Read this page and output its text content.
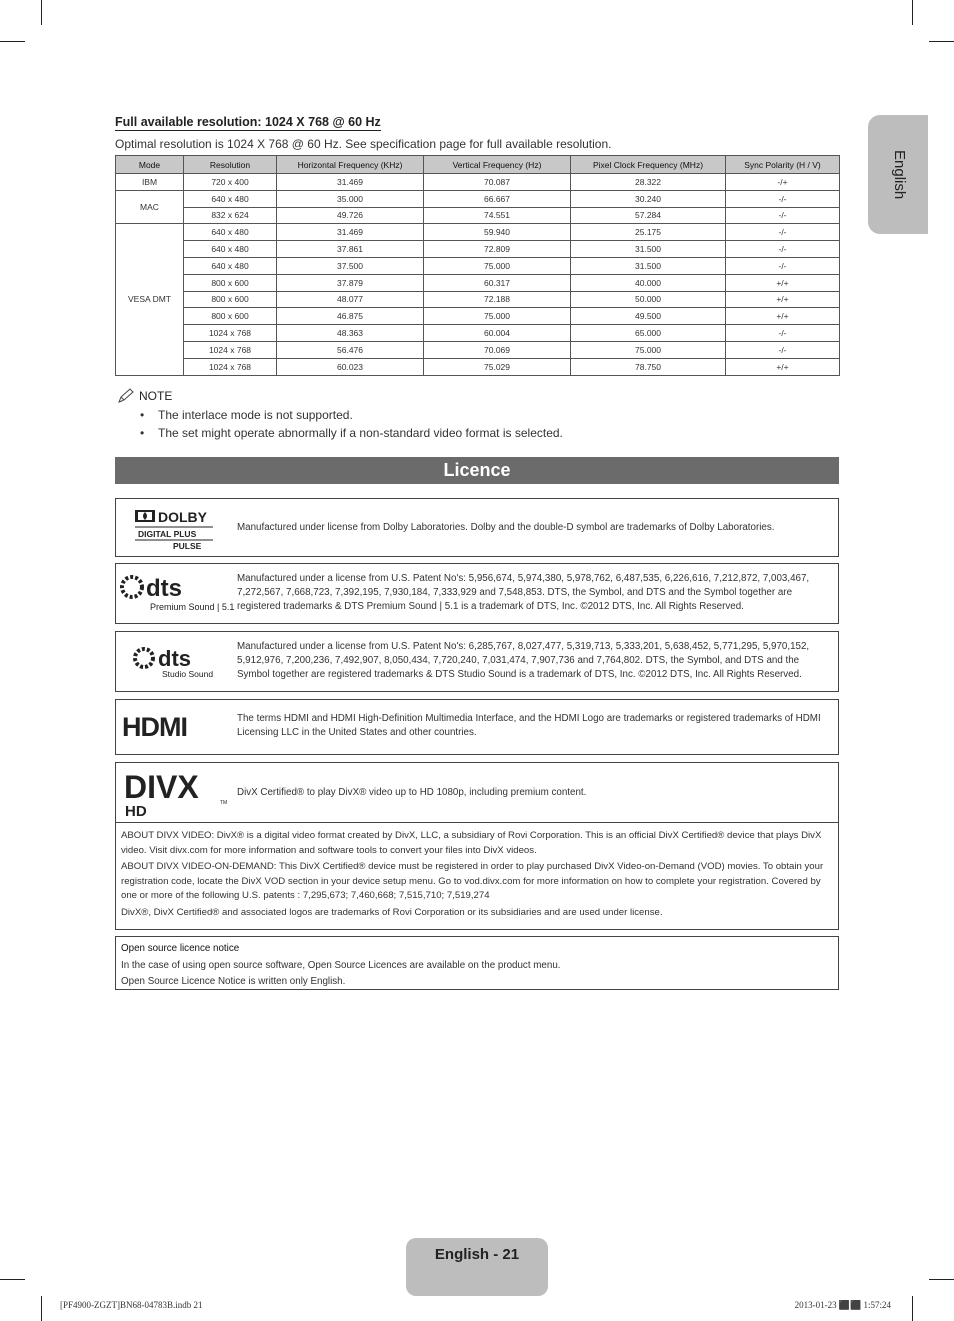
English
Full available resolution: 1024 X 768 @ 60 Hz
Optimal resolution is 1024 X 768 @ 60 Hz. See specification page for full available resolution.
Mode	Resolution	Horizontal Frequency (KHz)	Vertical Frequency (Hz)	Pixel Clock Frequency (MHz)	Sync Polarity (H / V)
IBM	720 x 400	31.469	70.087	28.322	-/+
MAC	640 x 480	35.000	66.667	30.240	-/-
	832 x 624	49.726	74.551	57.284	-/-
VESA DMT	640 x 480	31.469	59.940	25.175	-/-
	640 x 480	37.861	72.809	31.500	-/-
	640 x 480	37.500	75.000	31.500	-/-
	800 x 600	37.879	60.317	40.000	+/+
	800 x 600	48.077	72.188	50.000	+/+
	800 x 600	46.875	75.000	49.500	+/+
	1024 x 768	48.363	60.004	65.000	-/-
	1024 x 768	56.476	70.069	75.000	-/-
	1024 x 768	60.023	75.029	78.750	+/+
NOTE
•	The interlace mode is not supported.
•	The set might operate abnormally if a non-standard video format is selected.
Licence
DOLBY
DIGITAL PLUS
PULSE
Manufactured under license from Dolby Laboratories. Dolby and the double-D symbol are trademarks of Dolby Laboratories.
dts
Premium Sound | 5.1
Manufactured under a license from U.S. Patent No's: 5,956,674, 5,974,380, 5,978,762, 6,487,535, 6,226,616, 7,212,872, 7,003,467, 7,272,567, 7,668,723, 7,392,195, 7,930,184, 7,333,929 and 7,548,853. DTS, the Symbol, and DTS and the Symbol together are registered trademarks & DTS Premium Sound | 5.1 is a trademark of DTS, Inc. ©2012 DTS, Inc. All Rights Reserved.
dts
Studio Sound
Manufactured under a license from U.S. Patent No's: 6,285,767, 8,027,477, 5,319,713, 5,333,201, 5,638,452, 5,771,295, 5,970,152, 5,912,976, 7,200,236, 7,492,907, 8,050,434, 7,720,240, 7,031,474, 7,907,736 and 7,764,802. DTS, the Symbol, and DTS and the Symbol together are registered trademarks & DTS Studio Sound is a trademark of DTS, Inc. ©2012 DTS, Inc. All Rights Reserved.
HDMI	The terms HDMI and HDMI High-Definition Multimedia Interface, and the HDMI Logo are trademarks or registered trademarks of HDMI Licensing LLC in the United States and other countries.
DIVX	TM
HD
DivX Certified® to play DivX® video up to HD 1080p, including premium content.

ABOUT DIVX VIDEO: DivX® is a digital video format created by DivX, LLC, a subsidiary of Rovi Corporation. This is an official DivX Certified® device that plays DivX video. Visit divx.com for more information and software tools to convert your files into DivX videos.

ABOUT DIVX VIDEO-ON-DEMAND: This DivX Certified® device must be registered in order to play purchased DivX Video-on-Demand (VOD) movies. To obtain your registration code, locate the DivX VOD section in your device setup menu. Go to vod.divx.com for more information on how to complete your registration. Covered by one or more of the following U.S. patents : 7,295,673; 7,460,668; 7,515,710; 7,519,274

DivX®, DivX Certified® and associated logos are trademarks of Rovi Corporation or its subsidiaries and are used under license.

Open source licence notice
In the case of using open source software, Open Source Licences are available on the product menu.
Open Source Licence Notice is written only English.
English - 21
[PF4900-ZGZT]BN68-04783B.indb 21	2013-01-23 ⬛⬛ 1:57:24
